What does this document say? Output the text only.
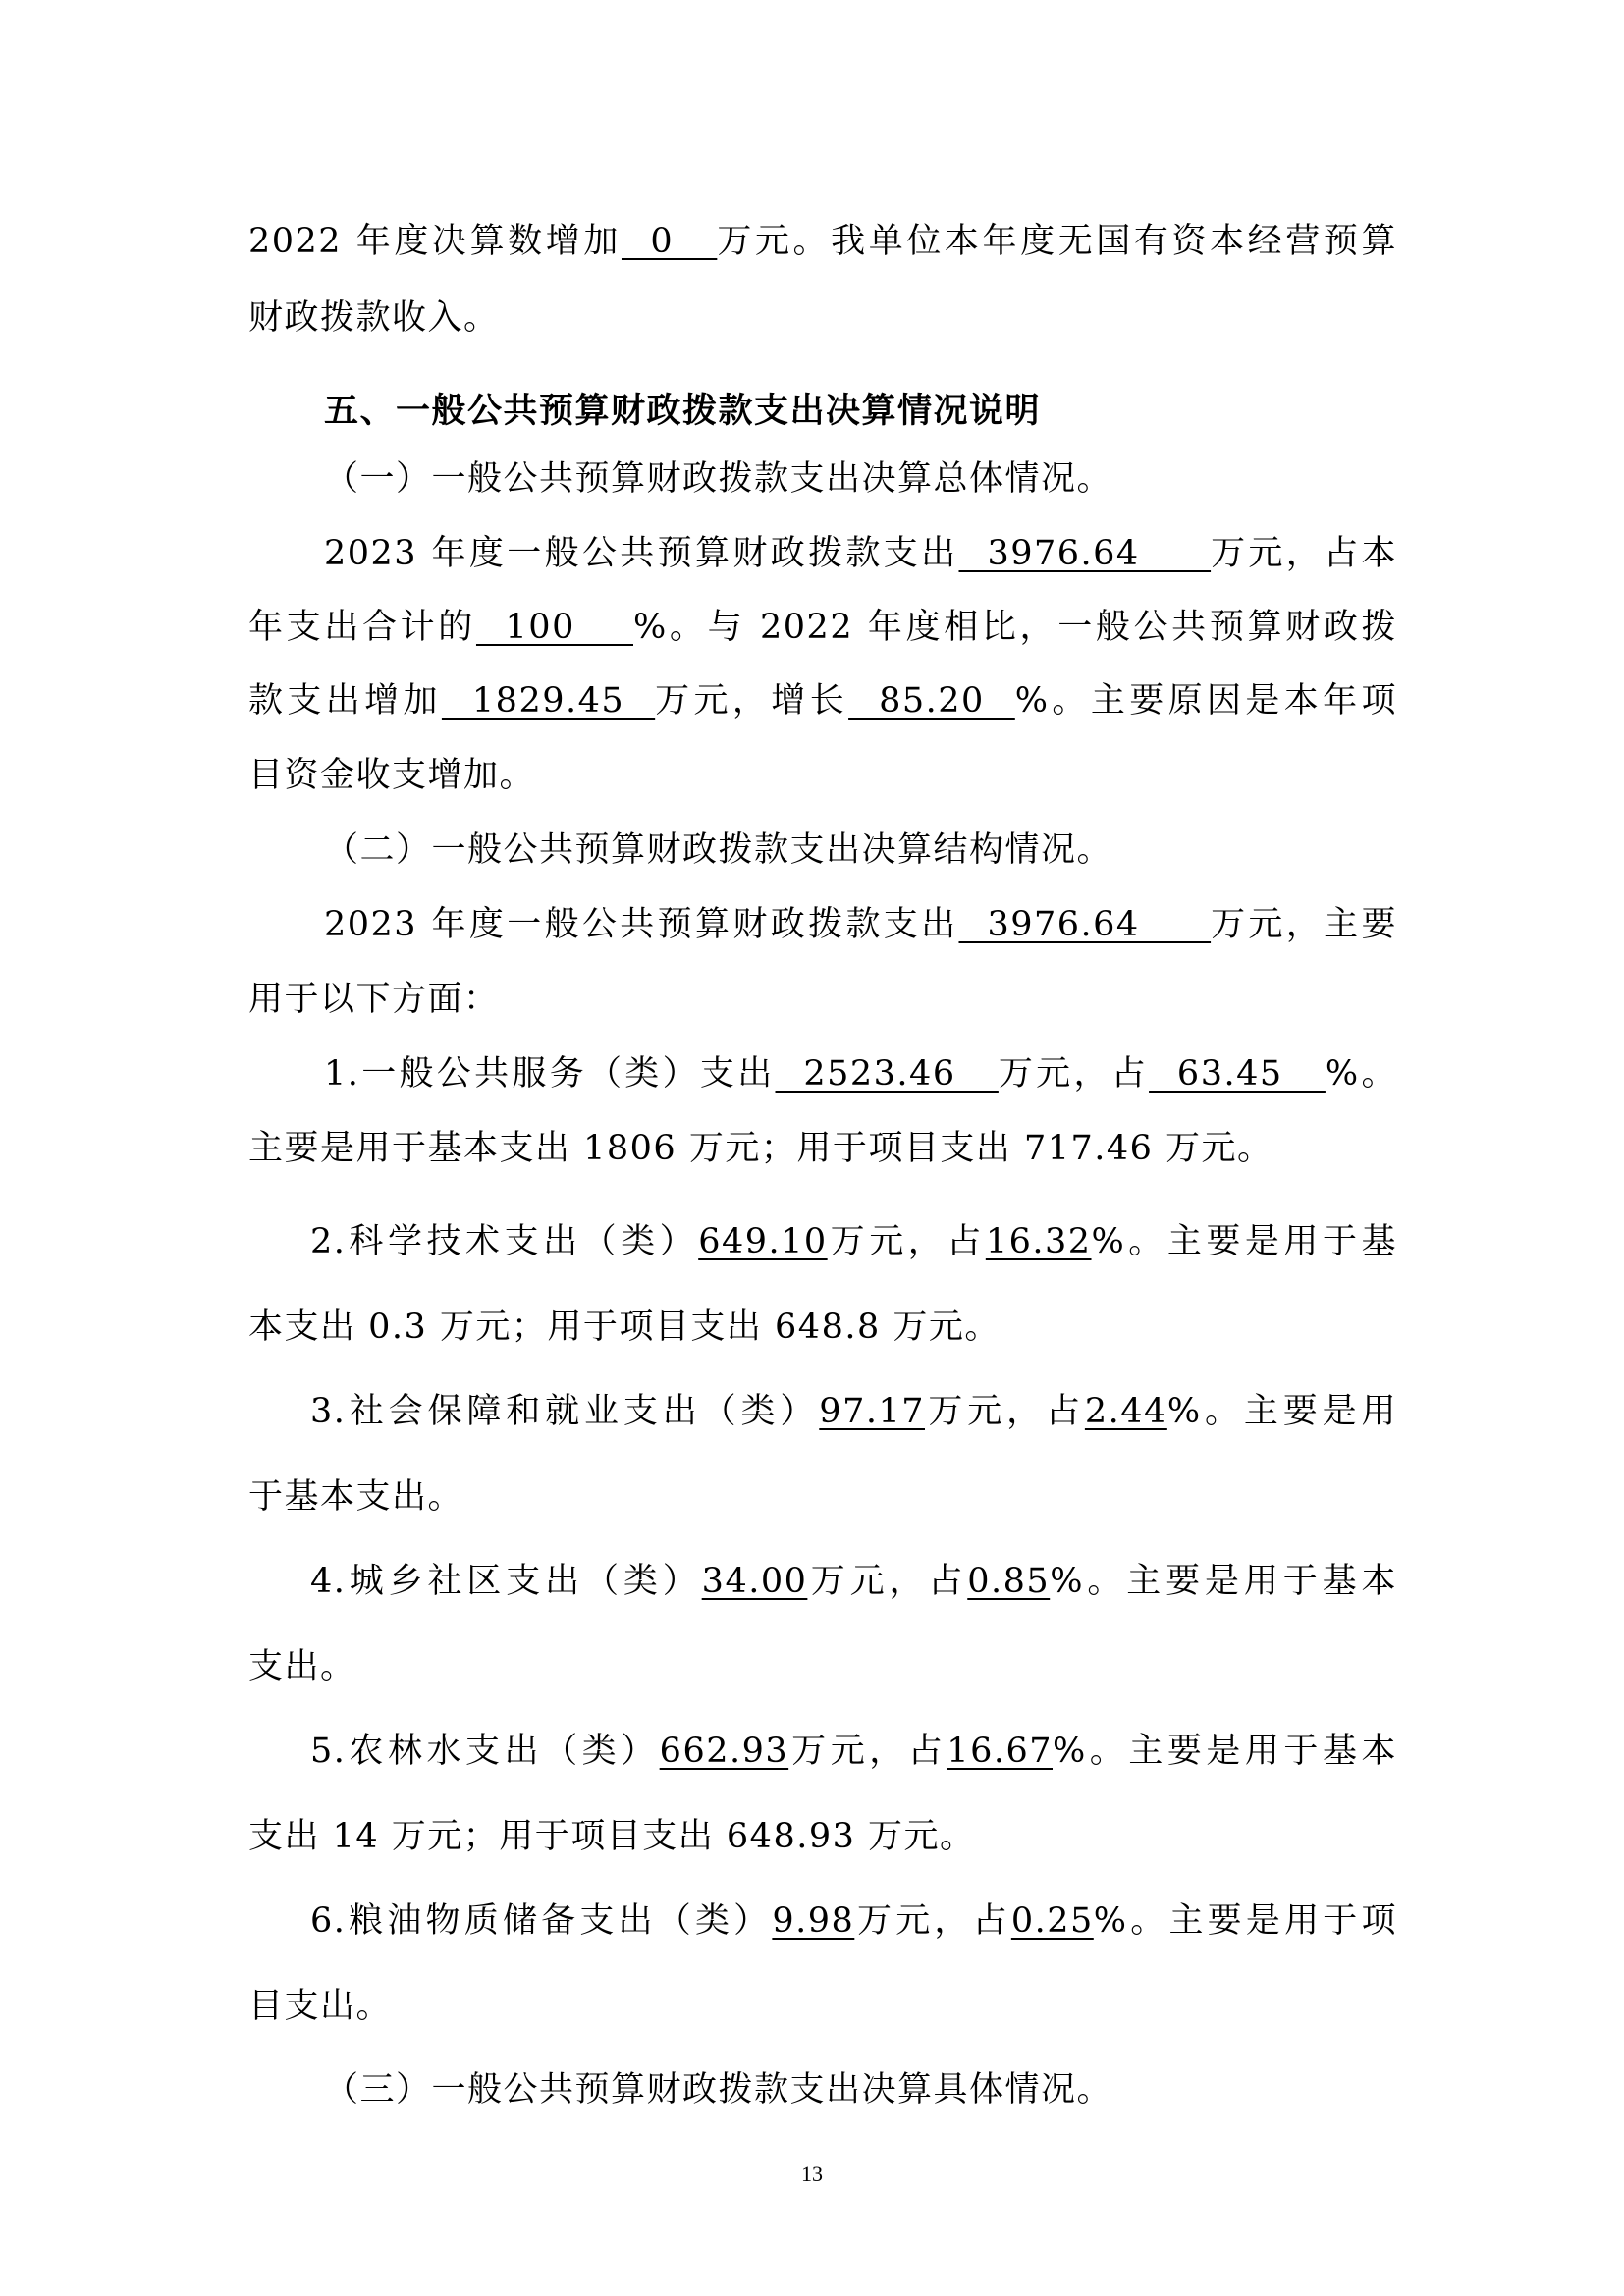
2022 年度决算数增加  0   万元。我单位本年度无国有资本经营预算
财政拨款收入。
五、一般公共预算财政拨款支出决算情况说明
（一）一般公共预算财政拨款支出决算总体情况。
2023 年度一般公共预算财政拨款支出  3976.64     万元，占本
年支出合计的  100    %。与 2022 年度相比，一般公共预算财政拨
款支出增加  1829.45  万元，增长  85.20  %。主要原因是本年项
目资金收支增加。
（二）一般公共预算财政拨款支出决算结构情况。
2023 年度一般公共预算财政拨款支出  3976.64     万元，主要
用于以下方面：
1.一般公共服务（类）支出  2523.46   万元，占  63.45   %。
主要是用于基本支出 1806 万元；用于项目支出 717.46 万元。
2.科学技术支出（类）649.10万元，占16.32%。主要是用于基
本支出 0.3 万元；用于项目支出 648.8 万元。
3.社会保障和就业支出（类）97.17万元，占2.44%。主要是用
于基本支出。
4.城乡社区支出（类）34.00万元，占0.85%。主要是用于基本
支出。
5.农林水支出（类）662.93万元，占16.67%。主要是用于基本
支出 14 万元；用于项目支出 648.93 万元。
6.粮油物质储备支出（类）9.98万元，占0.25%。主要是用于项
目支出。
（三）一般公共预算财政拨款支出决算具体情况。
13
